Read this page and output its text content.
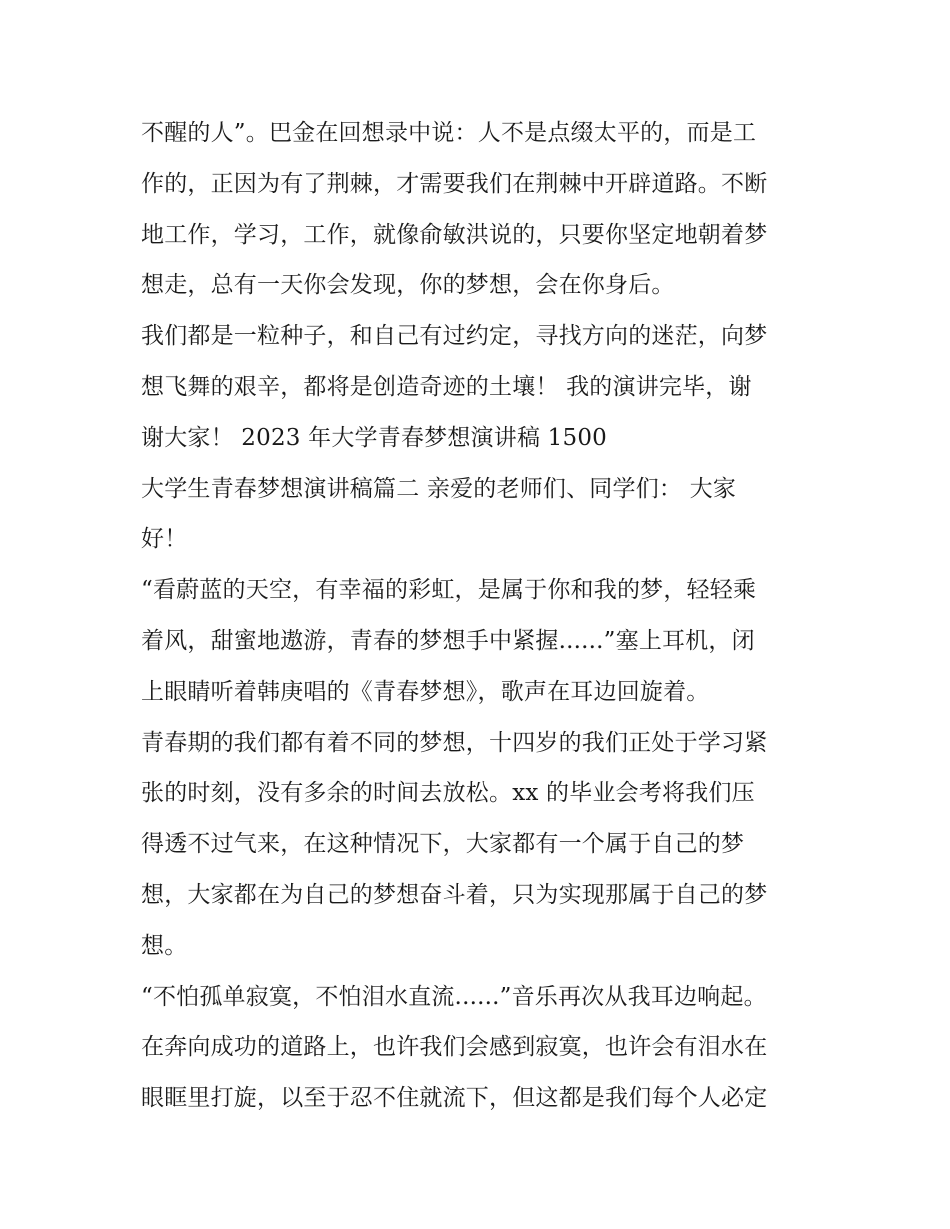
不醒的人”。巴金在回想录中说：人不是点缀太平的，而是工
作的，正因为有了荆棘，才需要我们在荆棘中开辟道路。不断
地工作，学习，工作，就像俞敏洪说的，只要你坚定地朝着梦
想走，总有一天你会发现，你的梦想，会在你身后。
我们都是一粒种子，和自己有过约定，寻找方向的迷茫，向梦
想飞舞的艰辛，都将是创造奇迹的土壤！ 我的演讲完毕，谢
谢大家！ 2023 年大学青春梦想演讲稿 1500
大学生青春梦想演讲稿篇二 亲爱的老师们、同学们： 大家
好！
“看蔚蓝的天空，有幸福的彩虹，是属于你和我的梦，轻轻乘
着风，甜蜜地遨游，青春的梦想手中紧握......”塞上耳机，闭
上眼睛听着韩庚唱的《青春梦想》，歌声在耳边回旋着。
青春期的我们都有着不同的梦想，十四岁的我们正处于学习紧
张的时刻，没有多余的时间去放松。xx 的毕业会考将我们压
得透不过气来，在这种情况下，大家都有一个属于自己的梦
想，大家都在为自己的梦想奋斗着，只为实现那属于自己的梦
想。
“不怕孤单寂寞，不怕泪水直流......”音乐再次从我耳边响起。
在奔向成功的道路上，也许我们会感到寂寞，也许会有泪水在
眼眶里打旋，以至于忍不住就流下，但这都是我们每个人必定
